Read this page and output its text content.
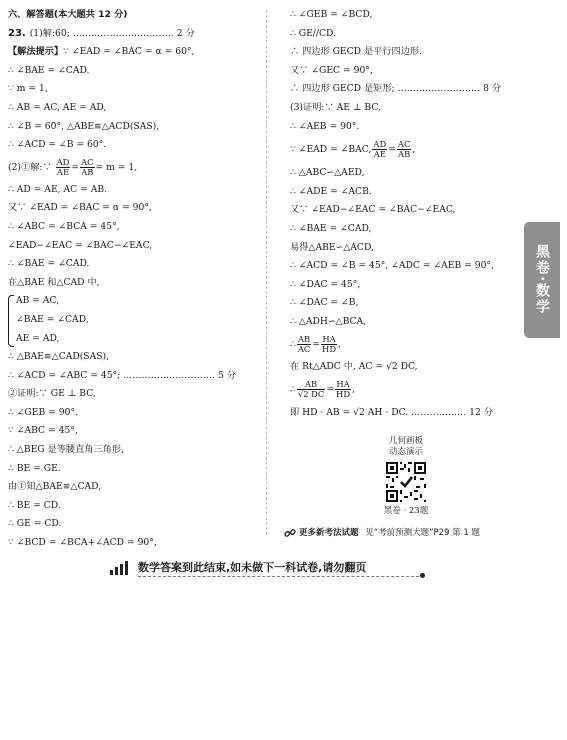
六、解答题(本大题共 12 分)
23. (1)解:60; …………………………… 2 分
【解法提示】∵ ∠EAD = ∠BAC = α = 60°,
∴ ∠BAE = ∠CAD.
∵ m = 1,
∴ AB = AC, AE = AD,
∴ ∠B = 60°, △ABE≌△ACD(SAS),
∴ ∠ACD = ∠B = 60°.
(2)①解:∵ $\frac{AD}{AE} = \frac{AC}{AB} = m = 1$,
∴ AD = AE, AC = AB.
又∵ ∠EAD = ∠BAC = α = 90°,
∴ ∠ABC = ∠BCA = 45°,
∠EAD−∠EAC = ∠BAC−∠EAC,
∴ ∠BAE = ∠CAD.
在△BAE 和△CAD 中,
AB = AC,
∠BAE = ∠CAD,
AE = AD,
∴ △BAE≌△CAD(SAS),
∴ ∠ACD = ∠ABC = 45°; ………………………… 5 分
②证明:∵ GE ⊥ BC,
∴ ∠GEB = 90°.
∵ ∠ABC = 45°,
∴ △BEG 是等腰直角三角形,
∴ BE = GE.
由①知△BAE≌△CAD,
∴ BE = CD.
∴ GE = CD.
∵ ∠BCD = ∠BCA+∠ACD = 90°,
∴ ∠GEB = ∠BCD,
∴ GE//CD.
∴ 四边形 GECD 是平行四边形.
又∵ ∠GEC = 90°,
∴ 四边形 GECD 是矩形; ……………………… 8 分
(3)证明:∵ AE ⊥ BC,
∴ ∠AEB = 90°.
∵ ∠EAD = ∠BAC, $\frac{AD}{AE} = \frac{AC}{AB}$ ,
∴ △ABC∽△AED,
∴ ∠ADE = ∠ACB.
又∵ ∠EAD−∠EAC = ∠BAC−∠EAC,
∴ ∠BAE = ∠CAD,
易得△ABE∽△ACD,
∴ ∠ACD = ∠B = 45°, ∠ADC = ∠AEB = 90°,
∴ ∠DAC = 45°,
∴ ∠DAC = ∠B,
∴ △ADH∽△BCA,
∴ $\frac{AB}{AC} = \frac{HA}{HD}$ .
在 Rt△ADC 中, AC = √2 DC,
∴ $\frac{AB}{√2 DC} = \frac{HA}{HD}$ ,
即 HD · AB = √2 AH · DC. ……………… 12 分
几何画板
动态演示
黑卷 · 23题
更多新考法试题 见“考前预测大题”P29 第 1 题
黑卷·数学
数学答案到此结束,如未做下一科试卷,请勿翻页
